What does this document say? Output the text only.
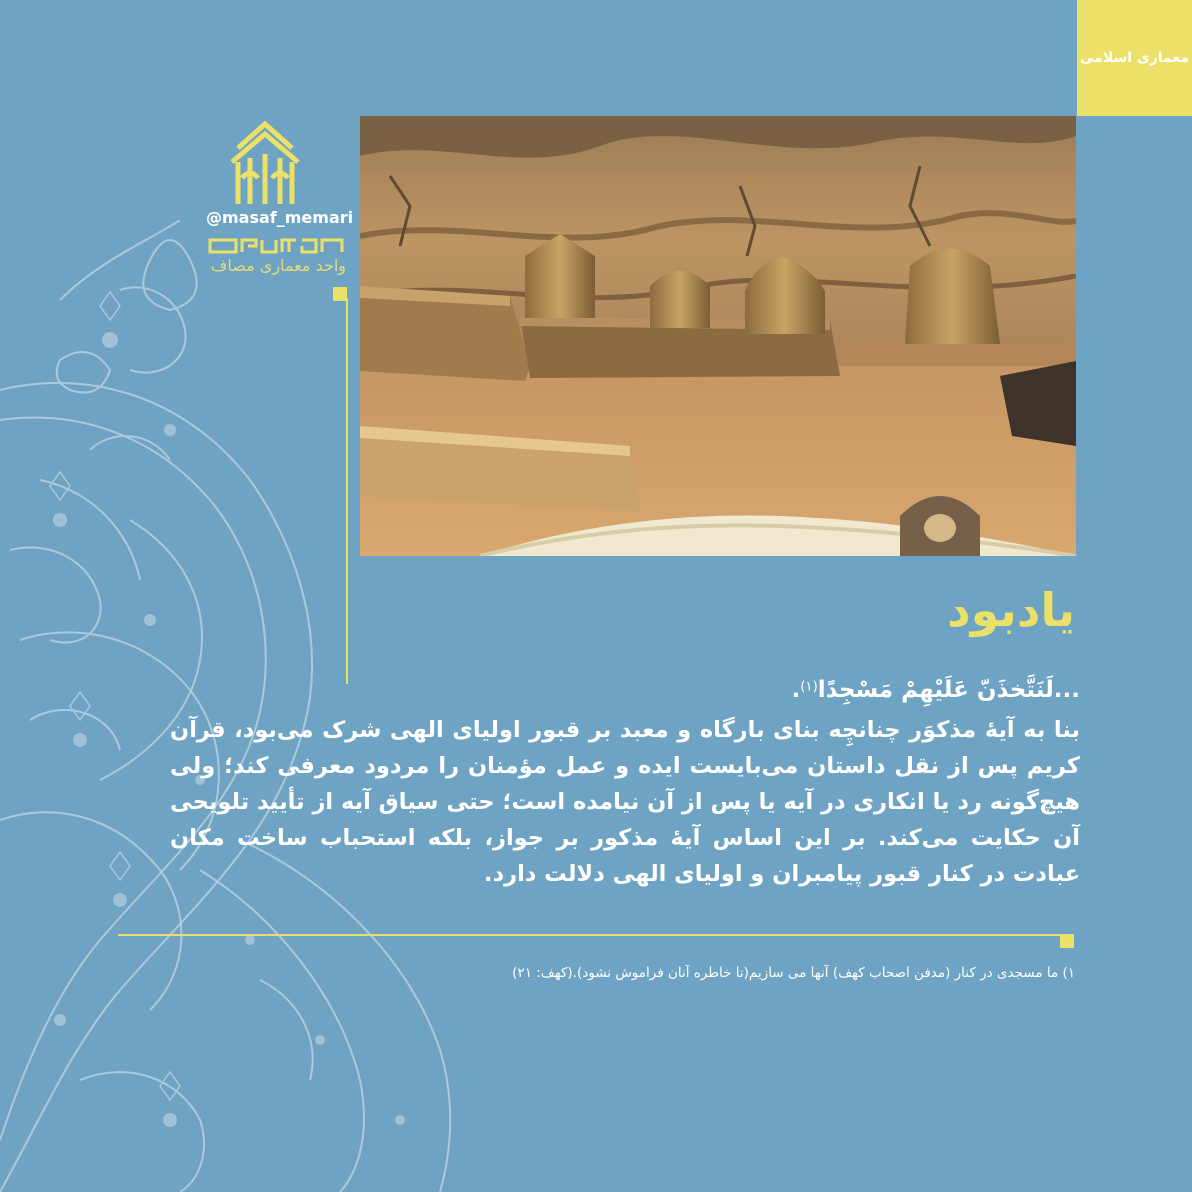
معماری اسلامی
@masaf_memari
واحد معماری مصاف
یادبود
...لَنَتَّخذَنّ عَلَیْهِمْ مَسْجِدًا$^{(۱)}$.
بنا به آیهٔ مذکوَر چنانچِه بنای بارگاه و معبد بر قبور اولیای الهی شرک می‌بود، قرآن کریم پس از نقل داستان می‌بایست ایده و عمل مؤمنان را مردود معرفی کند؛ ولی هیچ‌گونه رد یا انکاری در آیه یا پس از آن نیامده است؛ حتی سیاق آیه از تأیید تلویحی آن حکایت می‌کند. بر این اساس آیهٔ مذکور بر جواز، بلکه استحباب ساخت مکان عبادت در کنار قبور پیامبران و اولیای الهی دلالت دارد.
۱) ما مسجدی در کنار (مدفن اصحاب کهف) آنها می سازیم(تا خاطره آنان فراموش نشود).(کهف: ۲۱)
